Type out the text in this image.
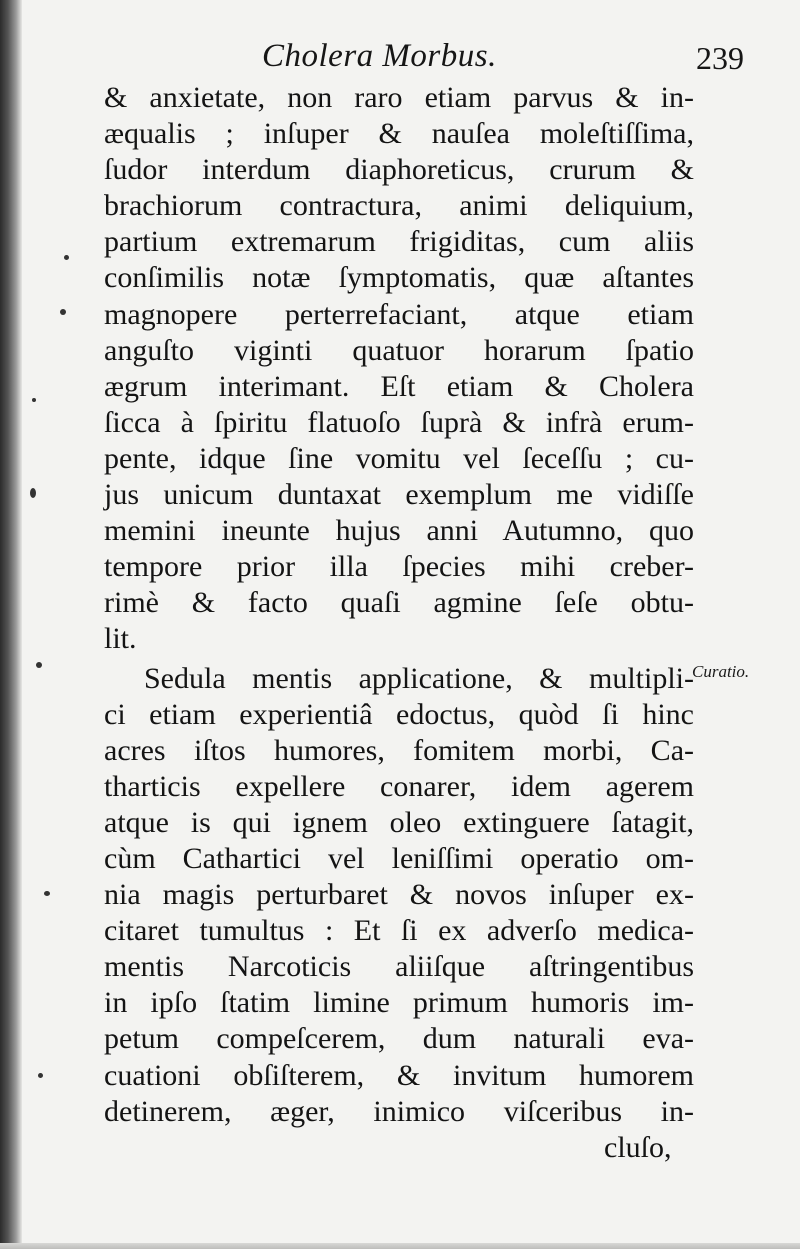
Cholera Morbus.	239
& anxietate, non raro etiam parvus & in-
æqualis ; inſuper & nauſea moleſtiſſima,
ſudor interdum diaphoreticus, crurum &
brachiorum contractura, animi deliquium,
partium extremarum frigiditas, cum aliis
conſimilis notæ ſymptomatis, quæ aſtantes
magnopere perterrefaciant, atque etiam
anguſto viginti quatuor horarum ſpatio
ægrum interimant. Eſt etiam & Cholera
ſicca à ſpiritu flatuoſo ſuprà & infrà erum-
pente, idque ſine vomitu vel ſeceſſu ; cu-
jus unicum duntaxat exemplum me vidiſſe
memini ineunte hujus anni Autumno, quo
tempore prior illa ſpecies mihi creber-
rimè & facto quaſi agmine ſeſe obtu-
lit.
Sedula mentis applicatione, & multipli-
ci etiam experientiâ edoctus, quòd ſi hinc
acres iſtos humores, fomitem morbi, Ca-
tharticis expellere conarer, idem agerem
atque is qui ignem oleo extinguere ſatagit,
cùm Cathartici vel leniſſimi operatio om-
nia magis perturbaret & novos inſuper ex-
citaret tumultus : Et ſi ex adverſo medica-
mentis Narcoticis aliiſque aſtringentibus
in ipſo ſtatim limine primum humoris im-
petum compeſcerem, dum naturali eva-
cuationi obſiſterem, & invitum humorem
detinerem, æger, inimico viſceribus in-
cluſo,
Curatio.
